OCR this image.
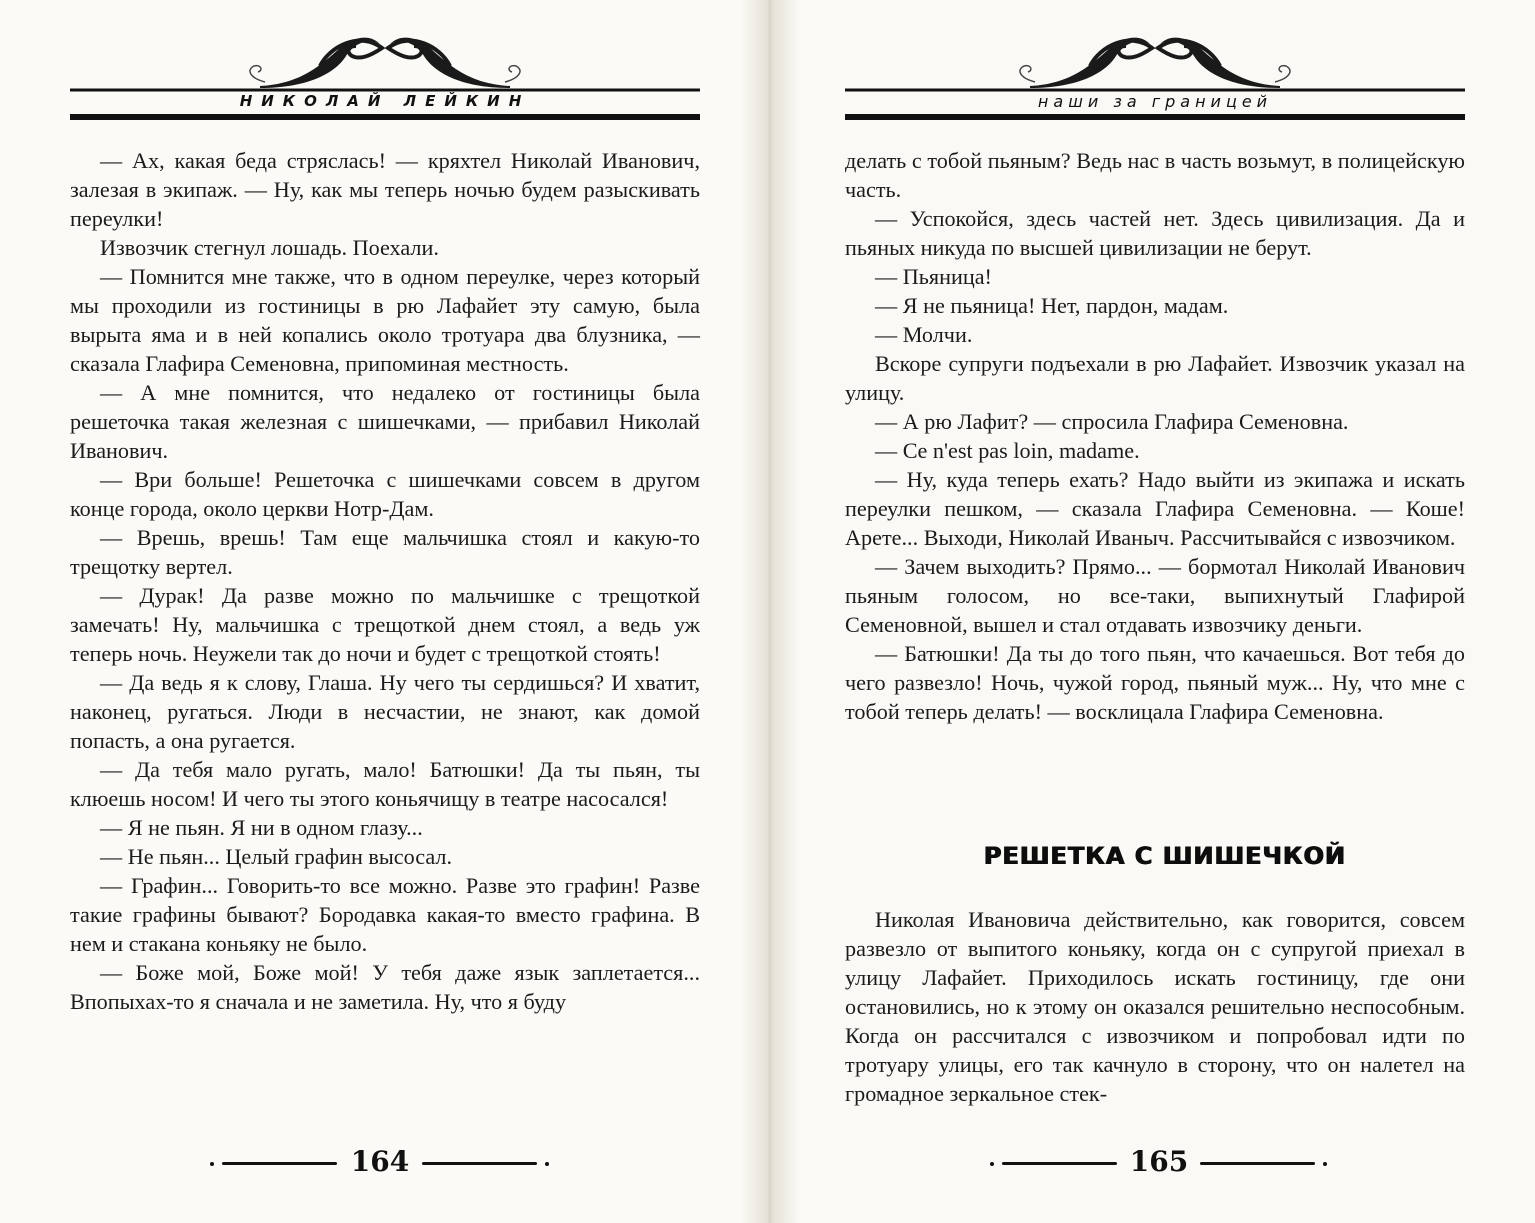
НИКОЛАЙ ЛЕЙКИН	наши за границей

— Ах, какая беда стряслась! — кряхтел Николай Иванович, залезая в экипаж. — Ну, как мы теперь ночью будем разыскивать переулки!

Извозчик стегнул лошадь. Поехали.

— Помнится мне также, что в одном переулке, через который мы проходили из гостиницы в рю Лафайет эту самую, была вырыта яма и в ней копались около тротуара два блузника, — сказала Глафира Семеновна, припоминая местность.

— А мне помнится, что недалеко от гостиницы была решеточка такая железная с шишечками, — прибавил Николай Иванович.

— Ври больше! Решеточка с шишечками совсем в другом конце города, около церкви Нотр-Дам.

— Врешь, врешь! Там еще мальчишка стоял и какую-то трещотку вертел.

— Дурак! Да разве можно по мальчишке с трещоткой замечать! Ну, мальчишка с трещоткой днем стоял, а ведь уж теперь ночь. Неужели так до ночи и будет с трещоткой стоять!

— Да ведь я к слову, Глаша. Ну чего ты сердишься? И хватит, наконец, ругаться. Люди в несчастии, не знают, как домой попасть, а она ругается.

— Да тебя мало ругать, мало! Батюшки! Да ты пьян, ты клюешь носом! И чего ты этого коньячищу в театре насосался!

— Я не пьян. Я ни в одном глазу...

— Не пьян... Целый графин высосал.

— Графин... Говорить-то все можно. Разве это графин! Разве такие графины бывают? Бородавка какая-то вместо графина. В нем и стакана коньяку не было.

— Боже мой, Боже мой! У тебя даже язык заплетается... Впопыхах-то я сначала и не заметила. Ну, что я буду

делать с тобой пьяным? Ведь нас в часть возьмут, в полицейскую часть.

— Успокойся, здесь частей нет. Здесь цивилизация. Да и пьяных никуда по высшей цивилизации не берут.

— Пьяница!

— Я не пьяница! Нет, пардон, мадам.

— Молчи.

Вскоре супруги подъехали в рю Лафайет. Извозчик указал на улицу.

— А рю Лафит? — спросила Глафира Семеновна.

— Ce n'est pas loin, madame.

— Ну, куда теперь ехать? Надо выйти из экипажа и искать переулки пешком, — сказала Глафира Семеновна. — Коше! Арете... Выходи, Николай Иваныч. Рассчитывайся с извозчиком.

— Зачем выходить? Прямо... — бормотал Николай Иванович пьяным голосом, но все-таки, выпихнутый Глафирой Семеновной, вышел и стал отдавать извозчику деньги.

— Батюшки! Да ты до того пьян, что качаешься. Вот тебя до чего развезло! Ночь, чужой город, пьяный муж... Ну, что мне с тобой теперь делать! — восклицала Глафира Семеновна.

РЕШЕТКА С ШИШЕЧКОЙ

Николая Ивановича действительно, как говорится, совсем развезло от выпитого коньяку, когда он с супругой приехал в улицу Лафайет. Приходилось искать гостиницу, где они остановились, но к этому он оказался решительно неспособным. Когда он рассчитался с извозчиком и попробовал идти по тротуару улицы, его так качнуло в сторону, что он налетел на громадное зеркальное стек-

164	165
